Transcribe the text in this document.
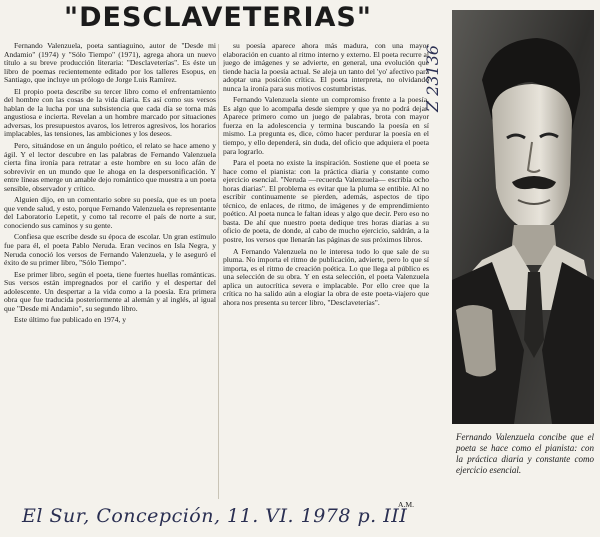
"DESCLAVETERIAS"

Fernando Valenzuela, poeta santiaguino, autor de "Desde mi Andamio" (1974) y "Sólo Tiempo" (1971), agrega ahora un nuevo título a su breve producción literaria: "Desclaveterías". Es éste un libro de poemas recientemente editado por los talleres Esopus, en Santiago, que incluye un prólogo de Jorge Luis Ramírez.

El propio poeta describe su tercer libro como el enfrentamiento del hombre con las cosas de la vida diaria. Es así como sus versos hablan de la lucha por una subsistencia que cada día se torna más angustiosa e incierta. Revelan a un hombre marcado por situaciones adversas, los presupuestos avaros, los letreros agresivos, los horarios implacables, las tensiones, las ambiciones y los deseos.

Pero, situándose en un ángulo poético, el relato se hace ameno y ágil. Y el lector descubre en las palabras de Fernando Valenzuela cierta fina ironía para retratar a este hombre en su loco afán de sobrevivir en un mundo que le ahoga en la despersonificación. Y entre líneas emerge un amable dejo romántico que muestra a un poeta sensible, observador y crítico.

Alguien dijo, en un comentario sobre su poesía, que es un poeta que vende salud, y esto, porque Fernando Valenzuela es representante del Laboratorio Lepetit, y como tal recorre el país de norte a sur, conociendo sus caminos y su gente.

Confiesa que escribe desde su época de escolar. Un gran estímulo fue para él, el poeta Pablo Neruda. Eran vecinos en Isla Negra, y Neruda conoció los versos de Fernando Valenzuela, y le aseguró el éxito de su primer libro, "Sólo Tiempo".

Ese primer libro, según el poeta, tiene fuertes huellas románticas. Sus versos están impregnados por el cariño y el despertar del adolescente. Un despertar a la vida como a la poesía. Era primera obra que fue traducida posteriormente al alemán y al inglés, al igual que "Desde mi Andamio", su segundo libro.

Este último fue publicado en 1974, y

su poesía aparece ahora más madura, con una mayor elaboración en cuanto al ritmo interno y externo. El poeta recurre al juego de imágenes y se advierte, en general, una evolución que tiende hacia la poesía actual. Se aleja un tanto del 'yo' afectivo para adoptar una posición crítica. El poeta interpreta, no olvidando nunca la ironía para sus motivos costumbristas.

Fernando Valenzuela siente un compromiso frente a la poesía. Es algo que lo acompaña desde siempre y que ya no podrá dejar. Aparece primero como un juego de palabras, brota con mayor fuerza en la adolescencia y termina buscando la poesía en sí mismo. La pregunta es, dice, cómo hacer perdurar la poesía en el tiempo, y ello dependerá, sin duda, del oficio que adquiera el poeta para lograrlo.

Para el poeta no existe la inspiración. Sostiene que el poeta se hace como el pianista: con la práctica diaria y constante como ejercicio esencial. "Neruda —recuerda Valenzuela— escribía ocho horas diarias". El problema es evitar que la pluma se entibie. Al no escribir continuamente se pierden, además, aspectos de tipo técnico, de enlaces, de ritmo, de imágenes y de emprendimiento poético. Al poeta nunca le faltan ideas y algo que decir. Pero eso no basta. De ahí que nuestro poeta dedique tres horas diarias a su oficio de poeta, de donde, al cabo de mucho ejercicio, saldrán, a la postre, los versos que llenarán las páginas de sus próximos libros.

A Fernando Valenzuela no le interesa todo lo que sale de su pluma. No importa el ritmo de publicación, advierte, pero lo que sí importa, es el ritmo de creación poética. Lo que llega al público es una selección de su obra. Y en esta selección, el poeta Valenzuela aplica un autocrítica severa e implacable. Por ello cree que la crítica no ha salido aún a elogiar la obra de este poeta-viajero que ahora nos presenta su tercer libro, "Desclaveterías".

A.M.
Fernando Valenzuela concibe que el poeta se hace como el pianista: con la práctica diaria y constante como ejercicio esencial.
Z 23136
El Sur, Concepción, 11. VI. 1978 p. III
